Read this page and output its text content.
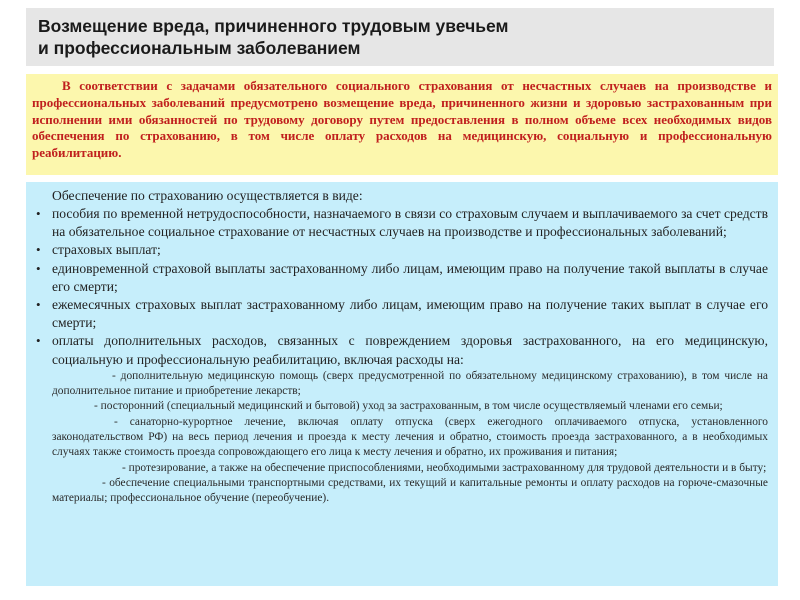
Возмещение вреда, причиненного трудовым увечьем
и профессиональным заболеванием

В соответствии с задачами обязательного социального страхования от несчастных случаев на производстве и профессиональных заболеваний предусмотрено возмещение вреда, причиненного жизни и здоровью застрахованным при исполнении ими обязанностей по трудовому договору путем предоставления в полном объеме всех необходимых видов обеспечения по страхованию, в том числе оплату расходов на медицинскую, социальную и профессиональную реабилитацию.

Обеспечение по страхованию осуществляется в виде:

• пособия по временной нетрудоспособности, назначаемого в связи со страховым случаем и выплачиваемого за счет средств на обязательное социальное страхование от несчастных случаев на производстве и профессиональных заболеваний;
• страховых выплат;
• единовременной страховой выплаты застрахованному либо лицам, имеющим право на получение такой выплаты в случае его смерти;
• ежемесячных страховых выплат застрахованному либо лицам, имеющим право на получение таких выплат в случае его смерти;
• оплаты дополнительных расходов, связанных с повреждением здоровья застрахованного, на его медицинскую, социальную и профессиональную реабилитацию, включая расходы на:
- дополнительную медицинскую помощь (сверх предусмотренной по обязательному медицинскому страхованию), в том числе на дополнительное питание и приобретение лекарств;
- посторонний (специальный медицинский и бытовой) уход за застрахованным, в том числе осуществляемый членами его семьи;
- санаторно-курортное лечение, включая оплату отпуска (сверх ежегодного оплачиваемого отпуска, установленного законодательством РФ) на весь период лечения и проезда к месту лечения и обратно, стоимость проезда застрахованного, а в необходимых случаях также стоимость проезда сопровождающего его лица к месту лечения и обратно, их проживания и питания;
- протезирование, а также на обеспечение приспособлениями, необходимыми застрахованному для трудовой деятельности и в быту;
- обеспечение специальными транспортными средствами, их текущий и капитальные ремонты и оплату расходов на горюче-смазочные материалы; профессиональное обучение (переобучение).
